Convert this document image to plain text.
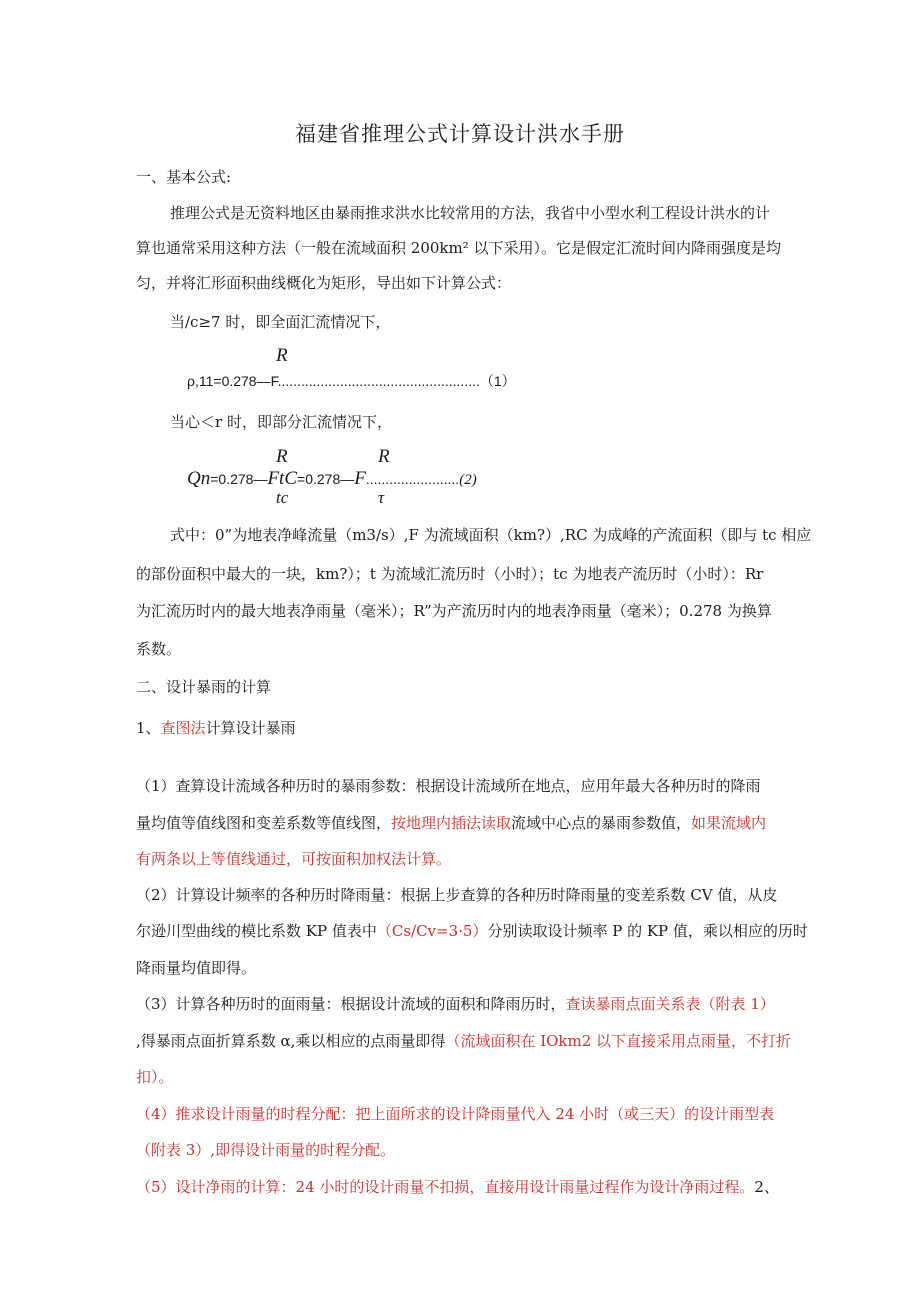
福建省推理公式计算设计洪水手册
一、基本公式:
推理公式是无资料地区由暴雨推求洪水比较常用的方法，我省中小型水利工程设计洪水的计
算也通常采用这种方法（一般在流域面积 200km² 以下采用）。它是假定汇流时间内降雨强度是均
匀，并将汇形面积曲线概化为矩形，导出如下计算公式：
当∕c≥7 时，即全面汇流情况下，
R
ρ,11=0.278—F....................................................（1）
当心＜r 时，即部分汇流情况下，
R	R
Qn=0.278—FtC=0.278—F........................(2)
tc	τ
式中：0”为地表净峰流量（m3∕s）,F 为流域面积（km?）,RC 为成峰的产流面积（即与 tc 相应
的部份面积中最大的一块，km?）；t 为流域汇流历时（小时）；tc 为地表产流历时（小时）：Rr
为汇流历时内的最大地表净雨量（毫米）；R”为产流历时内的地表净雨量（毫米）；0.278 为换算
系数。
二、设计暴雨的计算
1、查图法计算设计暴雨
（1）查算设计流域各种历时的暴雨参数：根据设计流域所在地点，应用年最大各种历时的降雨
量均值等值线图和变差系数等值线图，按地理内插法读取流域中心点的暴雨参数值，如果流域内
有两条以上等值线通过，可按面积加权法计算。
（2）计算设计频率的各种历时降雨量：根据上步查算的各种历时降雨量的变差系数 CV 值，从皮
尔逊川型曲线的模比系数 KP 值表中（Cs∕Cv=3·5）分别读取设计频率 P 的 KP 值，乘以相应的历时
降雨量均值即得。
（3）计算各种历时的面雨量：根据设计流域的面积和降雨历时，查读暴雨点面关系表（附表 1）
,得暴雨点面折算系数 α,乘以相应的点雨量即得（流域面积在 IOkm2 以下直接采用点雨量，不打折
扣）。
（4）推求设计雨量的时程分配：把上面所求的设计降雨量代入 24 小时（或三天）的设计雨型表
（附表 3）,即得设计雨量的时程分配。
（5）设计净雨的计算：24 小时的设计雨量不扣损，直接用设计雨量过程作为设计净雨过程。2、
